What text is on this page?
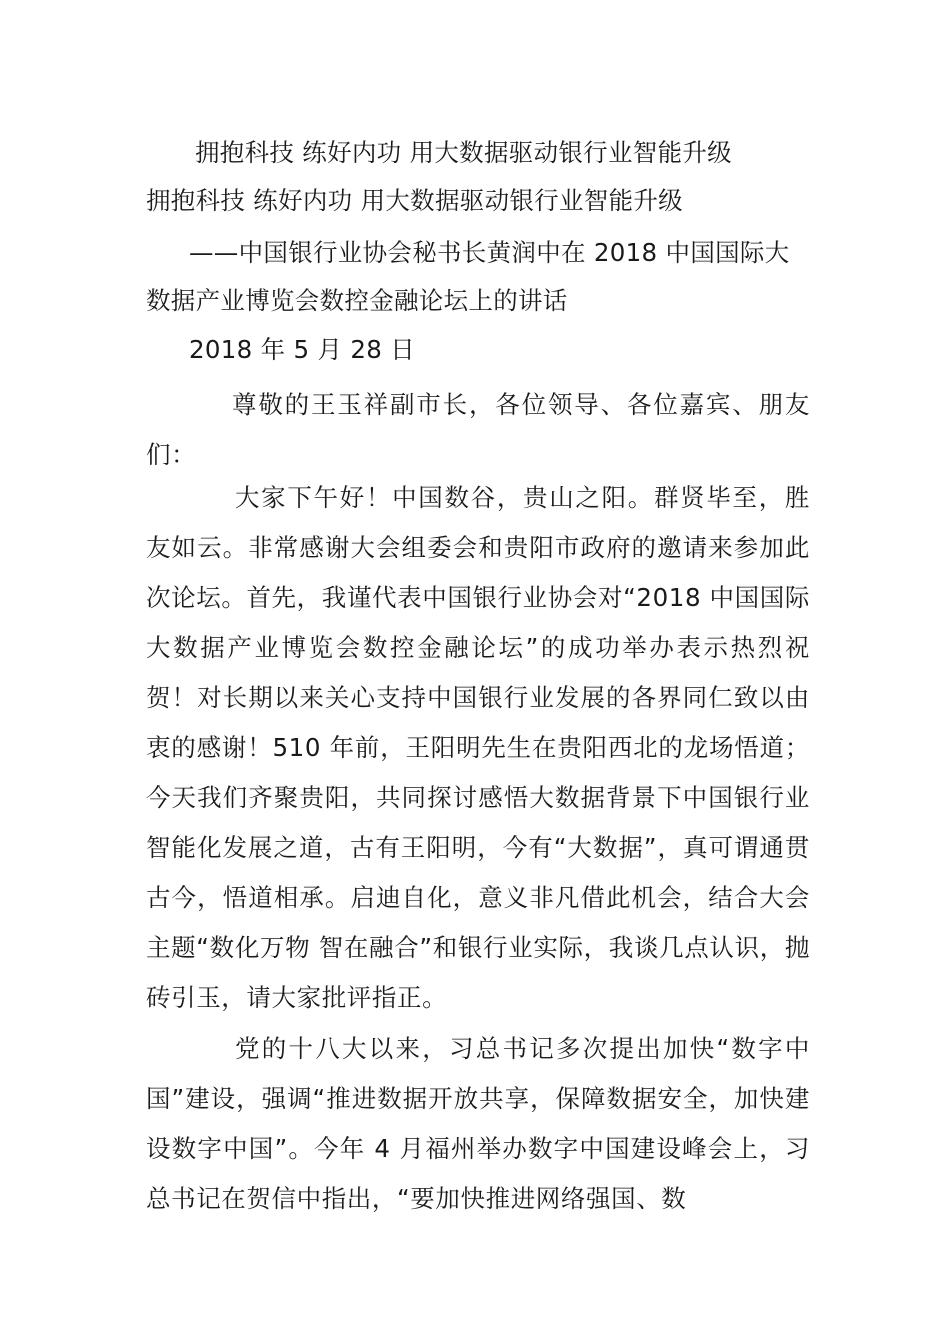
拥抱科技 练好内功 用大数据驱动银行业智能升级
拥抱科技 练好内功 用大数据驱动银行业智能升级
——中国银行业协会秘书长黄润中在 2018 中国国际大
数据产业博览会数控金融论坛上的讲话
2018 年 5 月 28 日
尊敬的王玉祥副市长，各位领导、各位嘉宾、朋友们：
大家下午好！中国数谷，贵山之阳。群贤毕至，胜友如云。非常感谢大会组委会和贵阳市政府的邀请来参加此次论坛。首先，我谨代表中国银行业协会对“2018 中国国际大数据产业博览会数控金融论坛”的成功举办表示热烈祝贺！对长期以来关心支持中国银行业发展的各界同仁致以由衷的感谢！510 年前，王阳明先生在贵阳西北的龙场悟道；今天我们齐聚贵阳，共同探讨感悟大数据背景下中国银行业智能化发展之道，古有王阳明，今有“大数据”，真可谓通贯古今，悟道相承。启迪自化，意义非凡借此机会，结合大会主题“数化万物 智在融合”和银行业实际，我谈几点认识，抛砖引玉，请大家批评指正。
党的十八大以来，习总书记多次提出加快“数字中国”建设，强调“推进数据开放共享，保障数据安全，加快建设数字中国”。今年 4 月福州举办数字中国建设峰会上，习总书记在贺信中指出，“要加快推进网络强国、数
